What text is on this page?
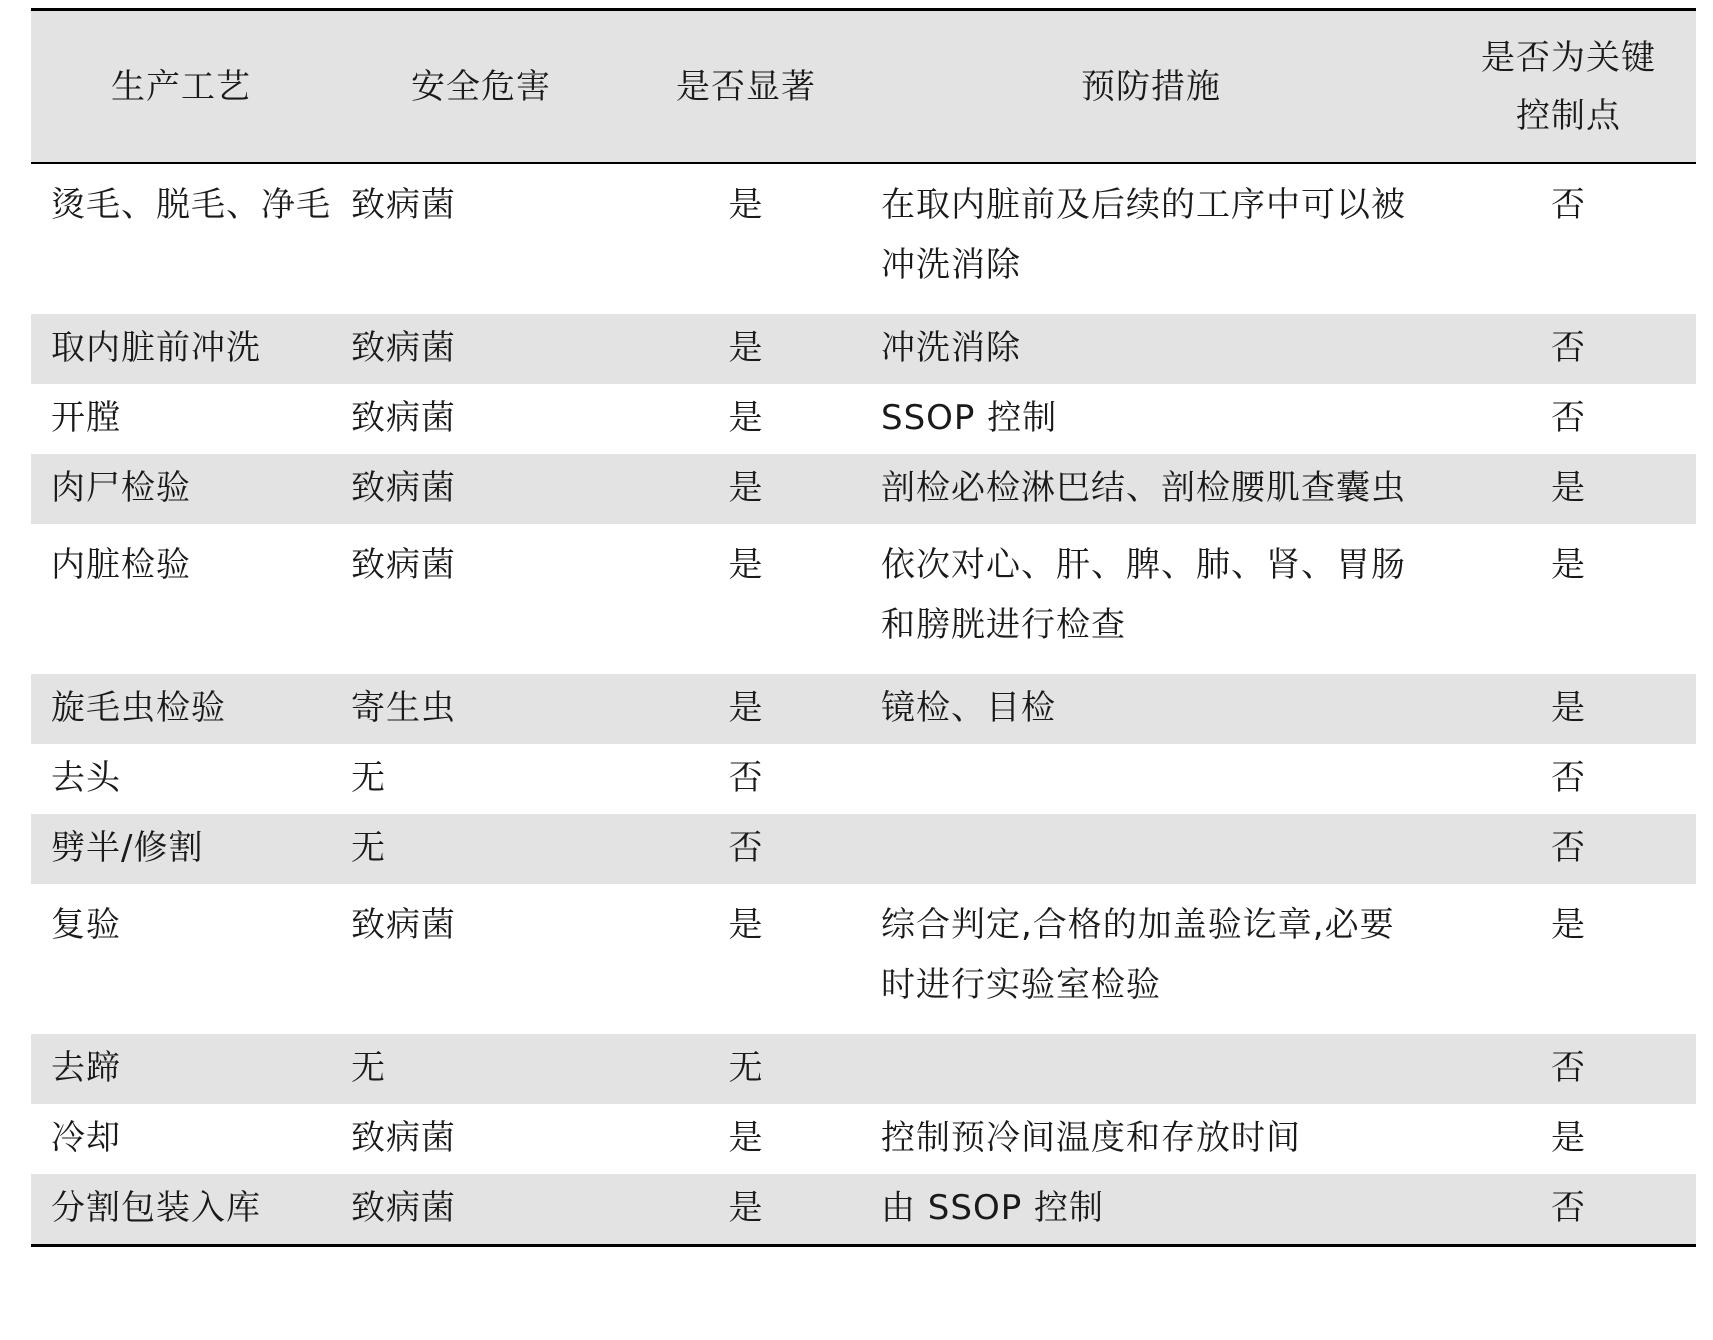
生产工艺	安全危害	是否显著	预防措施	是否为关键
控制点
烫毛、脱毛、净毛	致病菌	是	在取内脏前及后续的工序中可以被冲洗消除	否
取内脏前冲洗	致病菌	是	冲洗消除	否
开膛	致病菌	是	SSOP 控制	否
肉尸检验	致病菌	是	剖检必检淋巴结、剖检腰肌查囊虫	是
内脏检验	致病菌	是	依次对心、肝、脾、肺、肾、胃肠和膀胱进行检查	是
旋毛虫检验	寄生虫	是	镜检、目检	是
去头	无	否		否
劈半/修割	无	否		否
复验	致病菌	是	综合判定,合格的加盖验讫章,必要时进行实验室检验	是
去蹄	无	无		否
冷却	致病菌	是	控制预冷间温度和存放时间	是
分割包装入库	致病菌	是	由 SSOP 控制	否
